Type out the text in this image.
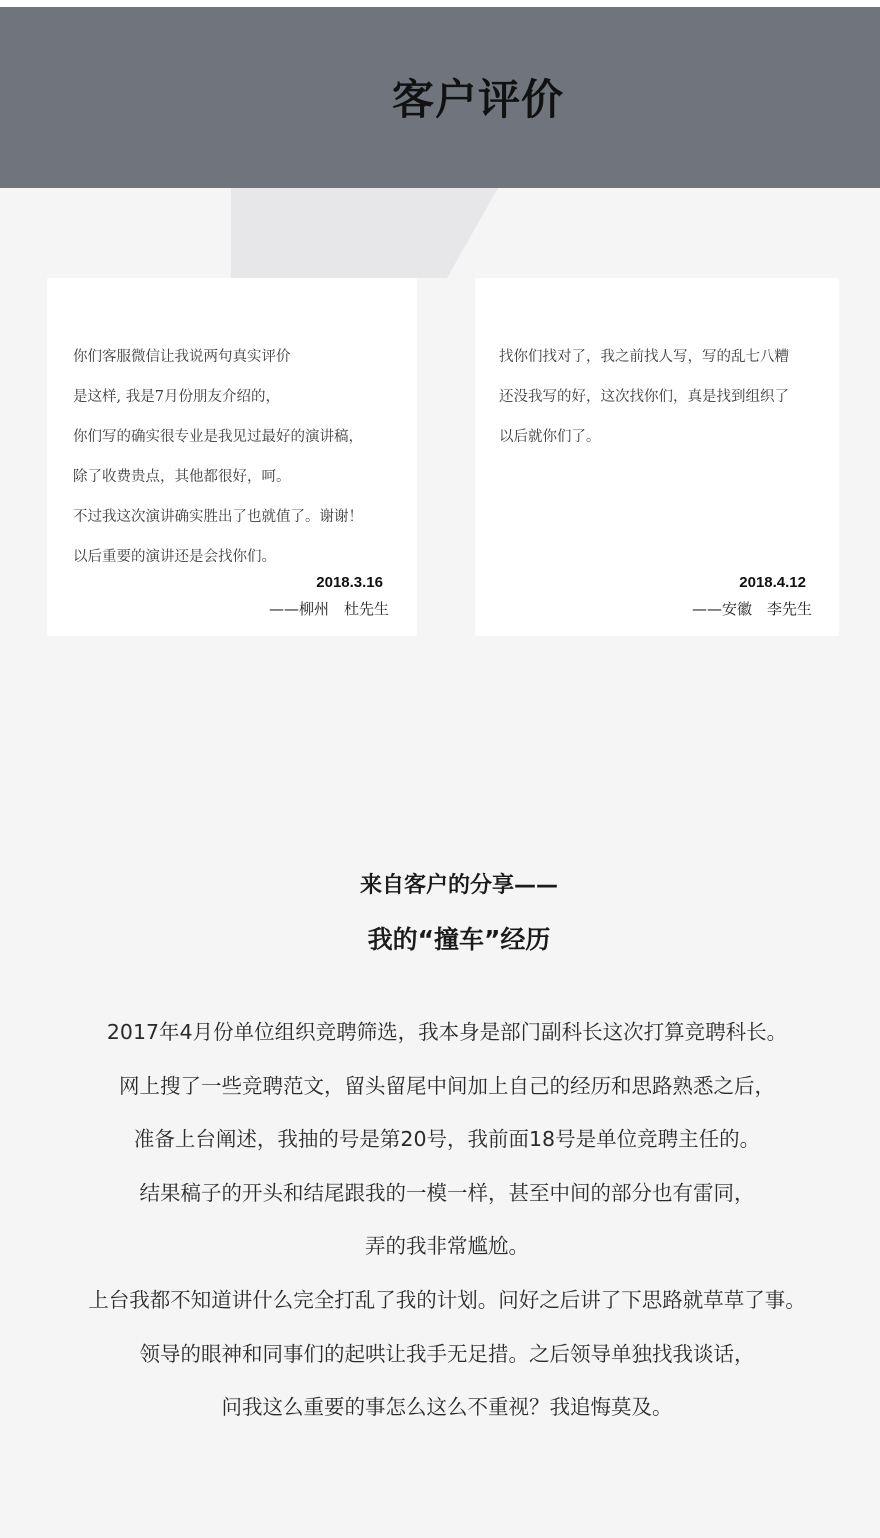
客户评价
你们客服微信让我说两句真实评价
是这样, 我是7月份朋友介绍的，
你们写的确实很专业是我见过最好的演讲稿，
除了收费贵点，其他都很好，呵。
不过我这次演讲确实胜出了也就值了。谢谢！
以后重要的演讲还是会找你们。
2018.3.16
——柳州　杜先生
找你们找对了，我之前找人写，写的乱七八糟
还没我写的好，这次找你们，真是找到组织了
以后就你们了。
2018.4.12
——安徽　李先生
来自客户的分享——
我的“撞车”经历
2017年4月份单位组织竞聘筛选，我本身是部门副科长这次打算竞聘科长。
网上搜了一些竞聘范文，留头留尾中间加上自己的经历和思路熟悉之后，
准备上台阐述，我抽的号是第20号，我前面18号是单位竞聘主任的。
结果稿子的开头和结尾跟我的一模一样，甚至中间的部分也有雷同，
弄的我非常尴尬。
上台我都不知道讲什么完全打乱了我的计划。问好之后讲了下思路就草草了事。
领导的眼神和同事们的起哄让我手无足措。之后领导单独找我谈话，
问我这么重要的事怎么这么不重视？我追悔莫及。
